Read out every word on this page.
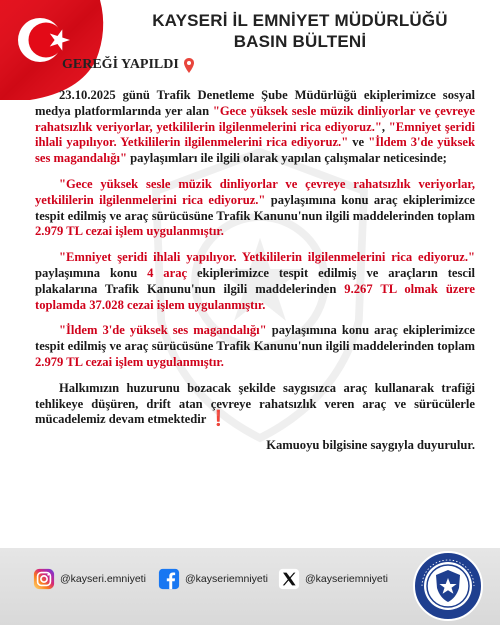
KAYSERİ İL EMNİYET MÜDÜRLÜĞÜ
BASIN BÜLTENİ
GEREĞİ YAPILDI

23.10.2025 günü Trafik Denetleme Şube Müdürlüğü ekiplerimizce sosyal medya platformlarında yer alan "Gece yüksek sesle müzik dinliyorlar ve çevreye rahatsızlık veriyorlar, yetkililerin ilgilenmelerini rica ediyoruz.", "Emniyet şeridi ihlali yapılıyor. Yetkililerin ilgilenmelerini rica ediyoruz." ve "İldem 3'de yüksek ses magandalığı" paylaşımları ile ilgili olarak yapılan çalışmalar neticesinde;

"Gece yüksek sesle müzik dinliyorlar ve çevreye rahatsızlık veriyorlar, yetkililerin ilgilenmelerini rica ediyoruz." paylaşımına konu araç ekiplerimizce tespit edilmiş ve araç sürücüsüne Trafik Kanunu'nun ilgili maddelerinden toplam 2.979 TL cezai işlem uygulanmıştır.

"Emniyet şeridi ihlali yapılıyor. Yetkililerin ilgilenmelerini rica ediyoruz." paylaşımına konu 4 araç ekiplerimizce tespit edilmiş ve araçların tescil plakalarına Trafik Kanunu'nun ilgili maddelerinden 9.267 TL olmak üzere toplamda 37.028 cezai işlem uygulanmıştır.

"İldem 3'de yüksek ses magandalığı" paylaşımına konu araç ekiplerimizce tespit edilmiş ve araç sürücüsüne Trafik Kanunu'nun ilgili maddelerinden toplam 2.979 TL cezai işlem uygulanmıştır.

Halkımızın huzurunu bozacak şekilde saygısızca araç kullanarak trafiği tehlikeye düşüren, drift atan çevreye rahatsızlık veren araç ve sürücülerle mücadelemiz devam etmektedir ❗

Kamuoyu bilgisine saygıyla duyurulur.

@kayseri.emniyeti	@kayseriemniyeti	@kayseriemniyeti
